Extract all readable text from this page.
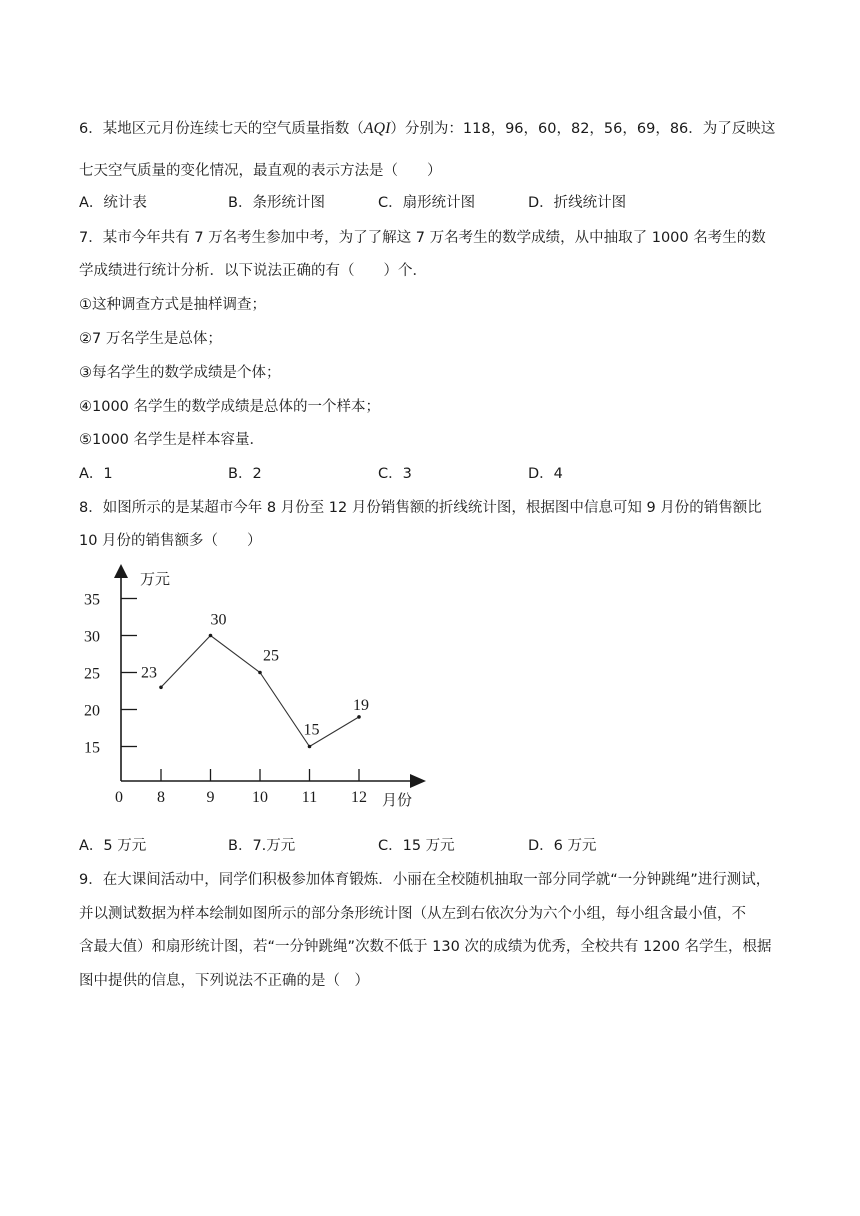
6．某地区元月份连续七天的空气质量指数（AQI）分别为：118，96，60，82，56，69，86．为了反映这
七天空气质量的变化情况，最直观的表示方法是（　　）
A．统计表	B．条形统计图	C．扇形统计图	D．折线统计图
7．某市今年共有 7 万名考生参加中考，为了了解这 7 万名考生的数学成绩，从中抽取了 1000 名考生的数
学成绩进行统计分析．以下说法正确的有（　　）个．
①这种调查方式是抽样调查；
②7 万名学生是总体；
③每名学生的数学成绩是个体；
④1000 名学生的数学成绩是总体的一个样本；
⑤1000 名学生是样本容量．
A．1	B．2	C．3	D．4
8．如图所示的是某超市今年 8 月份至 12 月份销售额的折线统计图，根据图中信息可知 9 月份的销售额比
10 月份的销售额多（　　）
万元
月份
0
15
20
25
30
35
8	9 10 11 12
23
30
25
15
19
A．5 万元	B．7.万元	C．15 万元	D．6 万元
9．在大课间活动中，同学们积极参加体育锻炼．小丽在全校随机抽取一部分同学就“一分钟跳绳”进行测试，
并以测试数据为样本绘制如图所示的部分条形统计图（从左到右依次分为六个小组，每小组含最小值，不
含最大值）和扇形统计图，若“一分钟跳绳”次数不低于 130 次的成绩为优秀，全校共有 1200 名学生，根据
图中提供的信息，下列说法不正确的是（　）
